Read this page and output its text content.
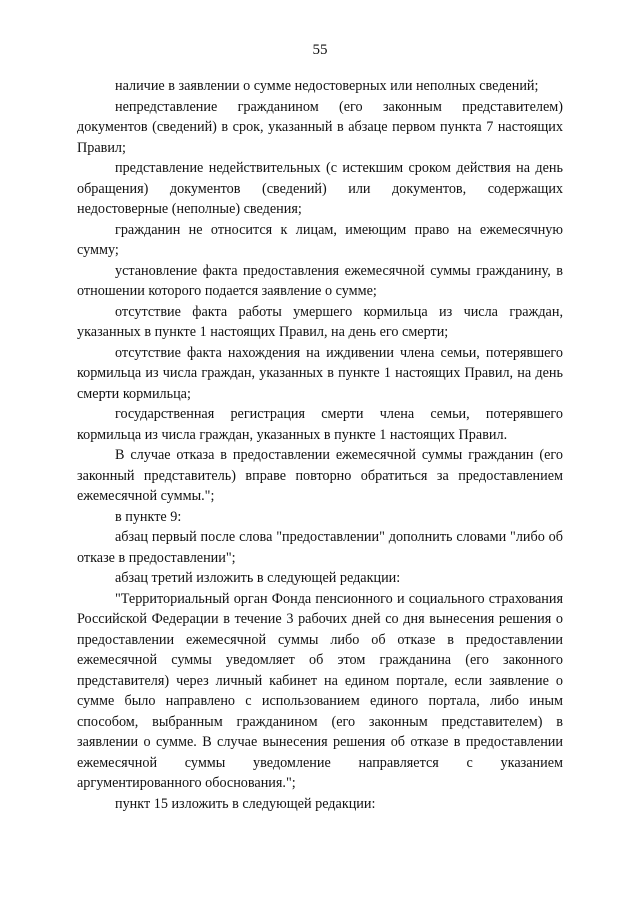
55

наличие в заявлении о сумме недостоверных или неполных сведений;

непредставление гражданином (его законным представителем) документов (сведений) в срок, указанный в абзаце первом пункта 7 настоящих Правил;

представление недействительных (с истекшим сроком действия на день обращения) документов (сведений) или документов, содержащих недостоверные (неполные) сведения;

гражданин не относится к лицам, имеющим право на ежемесячную сумму;

установление факта предоставления ежемесячной суммы гражданину, в отношении которого подается заявление о сумме;

отсутствие факта работы умершего кормильца из числа граждан, указанных в пункте 1 настоящих Правил, на день его смерти;

отсутствие факта нахождения на иждивении члена семьи, потерявшего кормильца из числа граждан, указанных в пункте 1 настоящих Правил, на день смерти кормильца;

государственная регистрация смерти члена семьи, потерявшего кормильца из числа граждан, указанных в пункте 1 настоящих Правил.

В случае отказа в предоставлении ежемесячной суммы гражданин (его законный представитель) вправе повторно обратиться за предоставлением ежемесячной суммы.";

в пункте 9:

абзац первый после слова "предоставлении" дополнить словами "либо об отказе в предоставлении";

абзац третий изложить в следующей редакции:

"Территориальный орган Фонда пенсионного и социального страхования Российской Федерации в течение 3 рабочих дней со дня вынесения решения о предоставлении ежемесячной суммы либо об отказе в предоставлении ежемесячной суммы уведомляет об этом гражданина (его законного представителя) через личный кабинет на едином портале, если заявление о сумме было направлено с использованием единого портала, либо иным способом, выбранным гражданином (его законным представителем) в заявлении о сумме. В случае вынесения решения об отказе в предоставлении ежемесячной суммы уведомление направляется с указанием аргументированного обоснования.";

пункт 15 изложить в следующей редакции:
